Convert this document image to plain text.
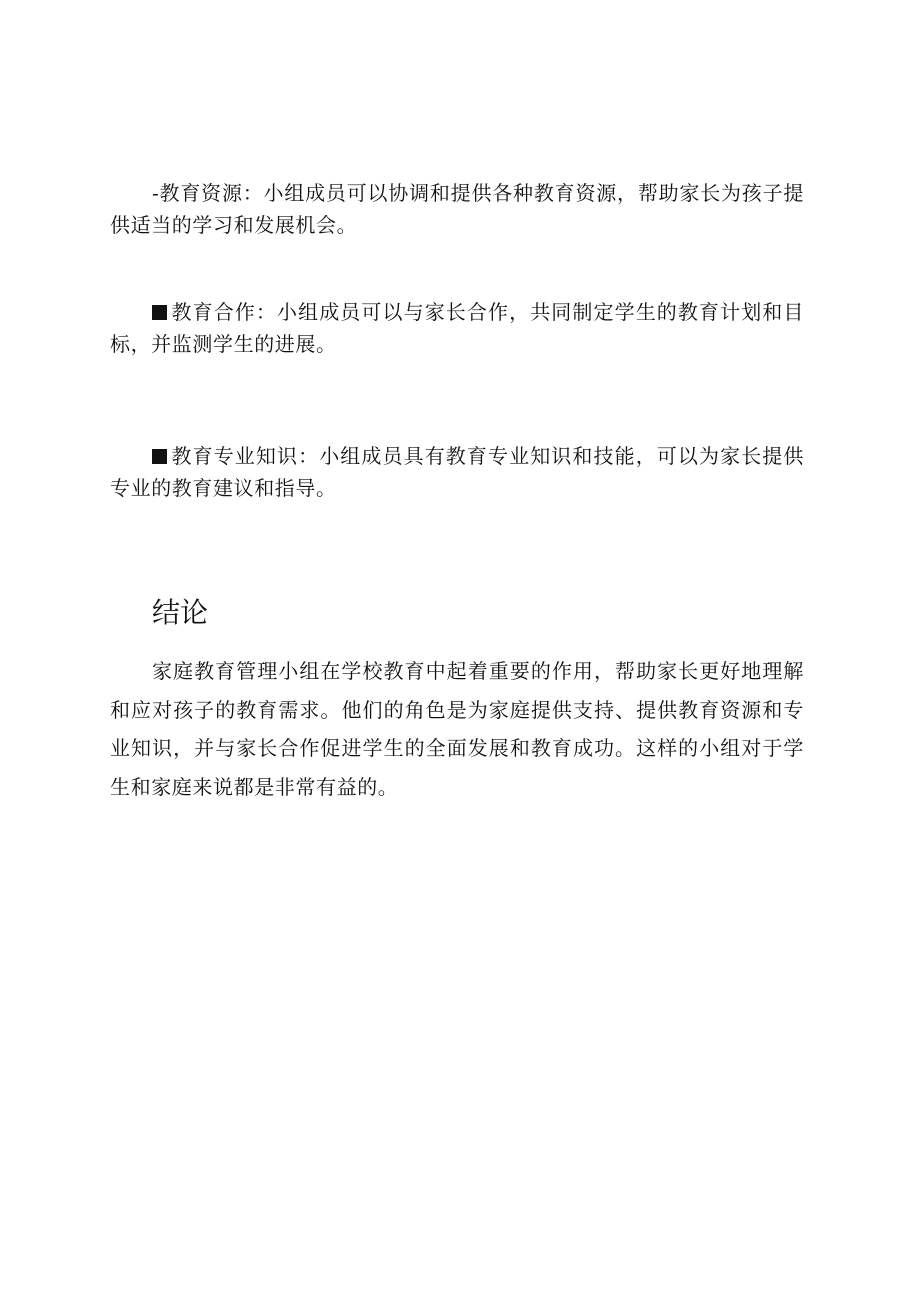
-教育资源：小组成员可以协调和提供各种教育资源，帮助家长为孩子提供适当的学习和发展机会。

教育合作：小组成员可以与家长合作，共同制定学生的教育计划和目标，并监测学生的进展。

教育专业知识：小组成员具有教育专业知识和技能，可以为家长提供专业的教育建议和指导。

结论

家庭教育管理小组在学校教育中起着重要的作用，帮助家长更好地理解和应对孩子的教育需求。他们的角色是为家庭提供支持、提供教育资源和专业知识，并与家长合作促进学生的全面发展和教育成功。这样的小组对于学生和家庭来说都是非常有益的。
